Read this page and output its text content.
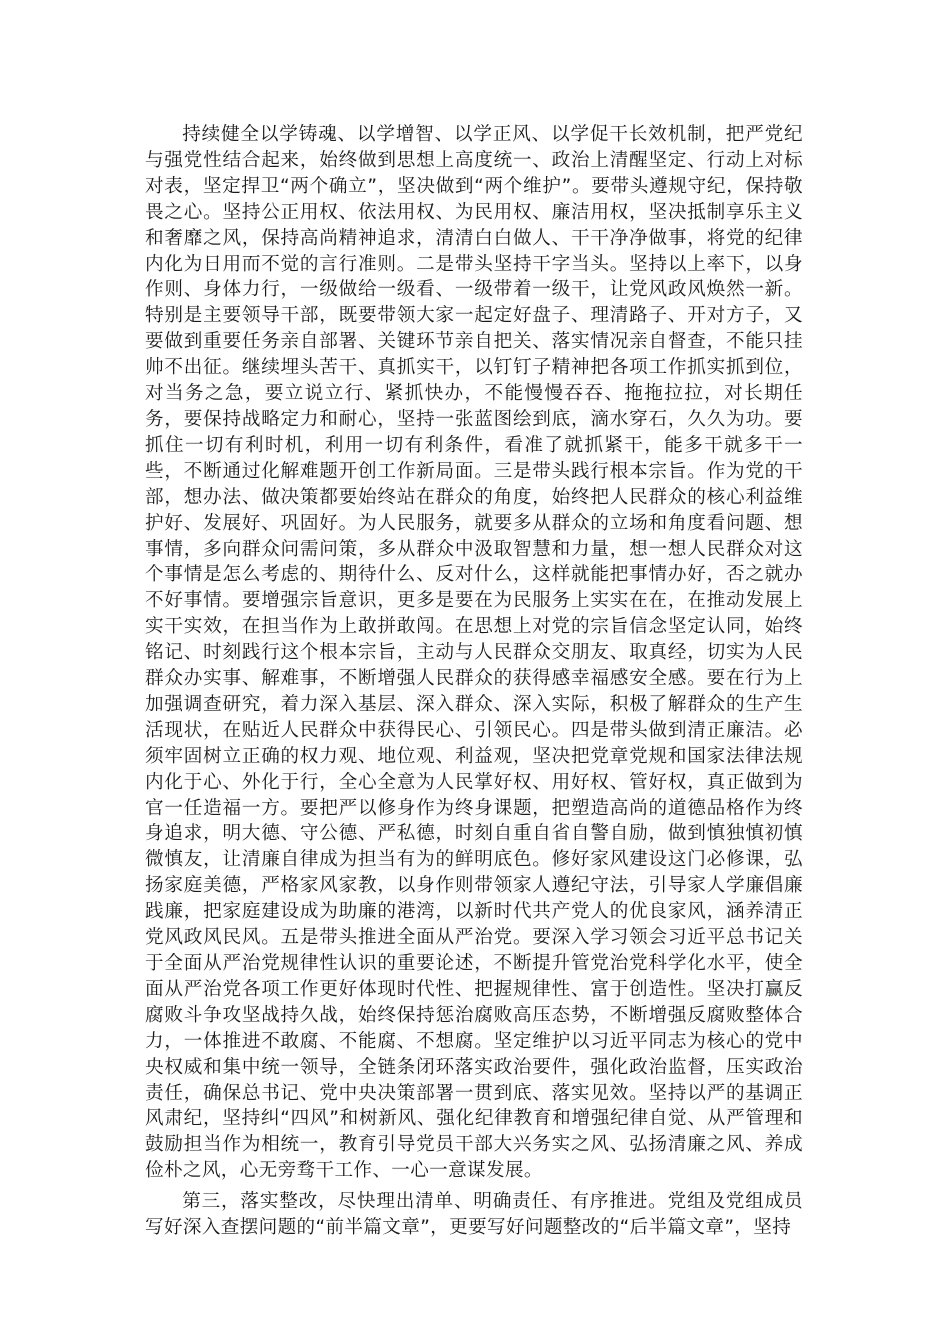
持续健全以学铸魂、以学增智、以学正风、以学促干长效机制，把严党纪与强党性结合起来，始终做到思想上高度统一、政治上清醒坚定、行动上对标对表，坚定捍卫“两个确立”，坚决做到“两个维护”。要带头遵规守纪，保持敬畏之心。坚持公正用权、依法用权、为民用权、廉洁用权，坚决抵制享乐主义和奢靡之风，保持高尚精神追求，清清白白做人、干干净净做事，将党的纪律内化为日用而不觉的言行准则。二是带头坚持干字当头。坚持以上率下，以身作则、身体力行，一级做给一级看、一级带着一级干，让党风政风焕然一新。特别是主要领导干部，既要带领大家一起定好盘子、理清路子、开对方子，又要做到重要任务亲自部署、关键环节亲自把关、落实情况亲自督查，不能只挂帅不出征。继续埋头苦干、真抓实干，以钉钉子精神把各项工作抓实抓到位，对当务之急，要立说立行、紧抓快办，不能慢慢吞吞、拖拖拉拉，对长期任务，要保持战略定力和耐心，坚持一张蓝图绘到底，滴水穿石，久久为功。要抓住一切有利时机，利用一切有利条件，看准了就抓紧干，能多干就多干一些，不断通过化解难题开创工作新局面。三是带头践行根本宗旨。作为党的干部，想办法、做决策都要始终站在群众的角度，始终把人民群众的核心利益维护好、发展好、巩固好。为人民服务，就要多从群众的立场和角度看问题、想事情，多向群众问需问策，多从群众中汲取智慧和力量，想一想人民群众对这个事情是怎么考虑的、期待什么、反对什么，这样就能把事情办好，否之就办不好事情。要增强宗旨意识，更多是要在为民服务上实实在在，在推动发展上实干实效，在担当作为上敢拼敢闯。在思想上对党的宗旨信念坚定认同，始终铭记、时刻践行这个根本宗旨，主动与人民群众交朋友、取真经，切实为人民群众办实事、解难事，不断增强人民群众的获得感幸福感安全感。要在行为上加强调查研究，着力深入基层、深入群众、深入实际，积极了解群众的生产生活现状，在贴近人民群众中获得民心、引领民心。四是带头做到清正廉洁。必须牢固树立正确的权力观、地位观、利益观，坚决把党章党规和国家法律法规内化于心、外化于行，全心全意为人民掌好权、用好权、管好权，真正做到为官一任造福一方。要把严以修身作为终身课题，把塑造高尚的道德品格作为终身追求，明大德、守公德、严私德，时刻自重自省自警自励，做到慎独慎初慎微慎友，让清廉自律成为担当有为的鲜明底色。修好家风建设这门必修课，弘扬家庭美德，严格家风家教，以身作则带领家人遵纪守法，引导家人学廉倡廉践廉，把家庭建设成为助廉的港湾，以新时代共产党人的优良家风，涵养清正党风政风民风。五是带头推进全面从严治党。要深入学习领会习近平总书记关于全面从严治党规律性认识的重要论述，不断提升管党治党科学化水平，使全面从严治党各项工作更好体现时代性、把握规律性、富于创造性。坚决打赢反腐败斗争攻坚战持久战，始终保持惩治腐败高压态势，不断增强反腐败整体合力，一体推进不敢腐、不能腐、不想腐。坚定维护以习近平同志为核心的党中央权威和集中统一领导，全链条闭环落实政治要件，强化政治监督，压实政治责任，确保总书记、党中央决策部署一贯到底、落实见效。坚持以严的基调正风肃纪，坚持纠“四风”和树新风、强化纪律教育和增强纪律自觉、从严管理和鼓励担当作为相统一，教育引导党员干部大兴务实之风、弘扬清廉之风、养成俭朴之风，心无旁骛干工作、一心一意谋发展。

第三，落实整改，尽快理出清单、明确责任、有序推进。党组及党组成员写好深入查摆问题的“前半篇文章”，更要写好问题整改的“后半篇文章”，坚持
